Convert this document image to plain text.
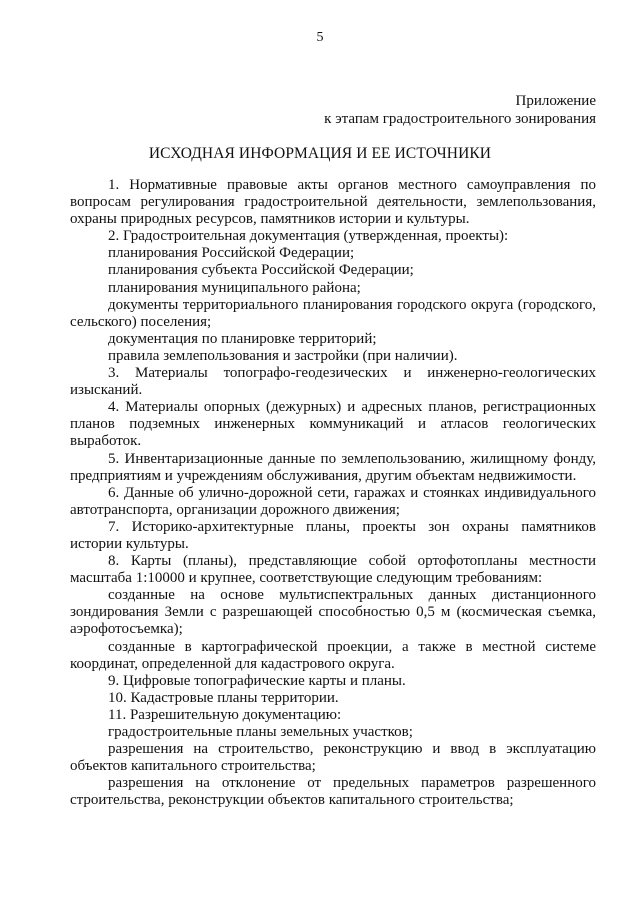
5
Приложение
к этапам градостроительного зонирования
ИСХОДНАЯ ИНФОРМАЦИЯ И ЕЕ ИСТОЧНИКИ

1. Нормативные правовые акты органов местного самоуправления по вопросам регулирования градостроительной деятельности, землепользования, охраны природных ресурсов, памятников истории и культуры.

2. Градостроительная документация (утвержденная, проекты):

планирования Российской Федерации;

планирования субъекта Российской Федерации;

планирования муниципального района;

документы территориального планирования городского округа (городского, сельского) поселения;

документация по планировке территорий;

правила землепользования и застройки (при наличии).

3. Материалы топографо-геодезических и инженерно-геологических изысканий.

4. Материалы опорных (дежурных) и адресных планов, регистрационных планов подземных инженерных коммуникаций и атласов геологических выработок.

5. Инвентаризационные данные по землепользованию, жилищному фонду, предприятиям и учреждениям обслуживания, другим объектам недвижимости.

6. Данные об улично-дорожной сети, гаражах и стоянках индивидуального автотранспорта, организации дорожного движения;

7. Историко-архитектурные планы, проекты зон охраны памятников истории культуры.

8. Карты (планы), представляющие собой ортофотопланы местности масштаба 1:10000 и крупнее, соответствующие следующим требованиям:

созданные на основе мультиспектральных данных дистанционного зондирования Земли с разрешающей способностью 0,5 м (космическая съемка, аэрофотосъемка);

созданные в картографической проекции, а также в местной системе координат, определенной для кадастрового округа.

9. Цифровые топографические карты и планы.

10. Кадастровые планы территории.

11. Разрешительную документацию:

градостроительные планы земельных участков;

разрешения на строительство, реконструкцию и ввод в эксплуатацию объектов капитального строительства;

разрешения на отклонение от предельных параметров разрешенного строительства, реконструкции объектов капитального строительства;
